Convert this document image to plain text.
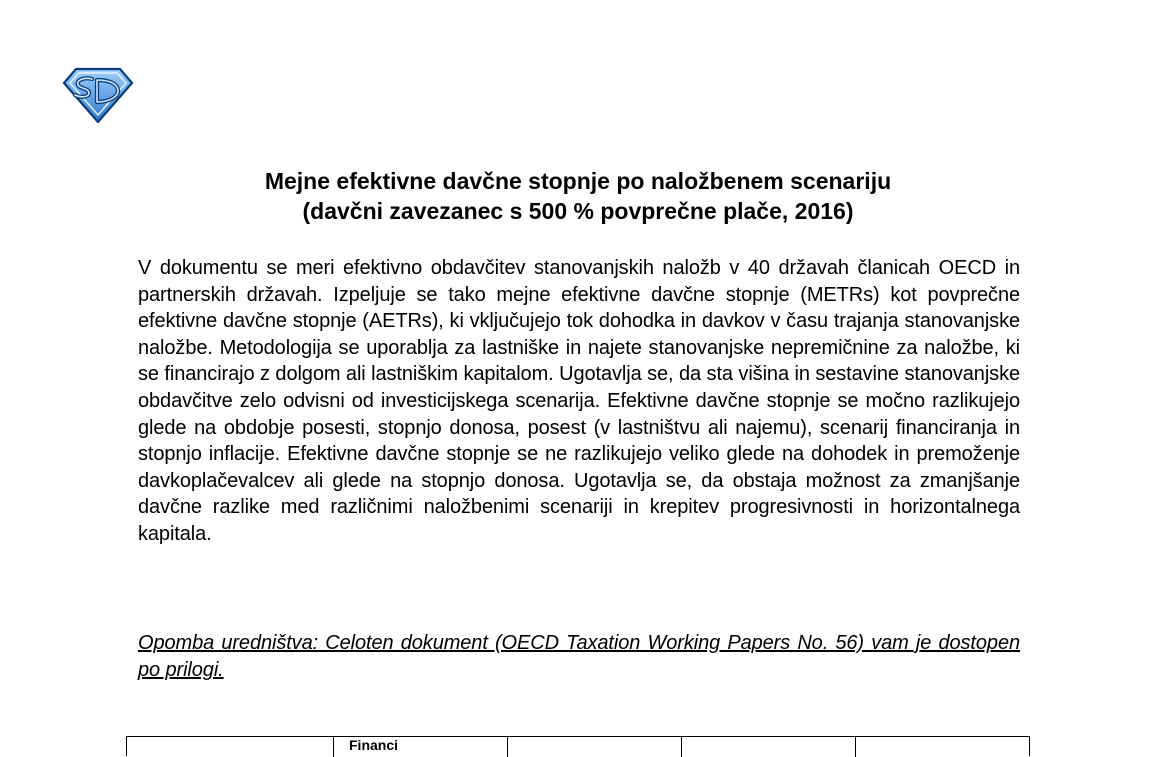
Mejne efektivne davčne stopnje po naložbenem scenariju
(davčni zavezanec s 500 % povprečne plače, 2016)

V dokumentu se meri efektivno obdavčitev stanovanjskih naložb v 40 državah članicah OECD in partnerskih državah. Izpeljuje se tako mejne efektivne davčne stopnje (METRs) kot povprečne efektivne davčne stopnje (AETRs), ki vključujejo tok dohodka in davkov v času trajanja stanovanjske naložbe. Metodologija se uporablja za lastniške in najete stanovanjske nepremičnine za naložbe, ki se financirajo z dolgom ali lastniškim kapitalom. Ugotavlja se, da sta višina in sestavine stanovanjske obdavčitve zelo odvisni od investicijskega scenarija. Efektivne davčne stopnje se močno razlikujejo glede na obdobje posesti, stopnjo donosa, posest (v lastništvu ali najemu), scenarij financiranja in stopnjo inflacije. Efektivne davčne stopnje se ne razlikujejo veliko glede na dohodek in premoženje davkoplačevalcev ali glede na stopnjo donosa. Ugotavlja se, da obstaja možnost za zmanjšanje davčne razlike med različnimi naložbenimi scenariji in krepitev progresivnosti in horizontalnega kapitala.

Opomba uredništva: Celoten dokument (OECD Taxation Working Papers No. 56) vam je dostopen po prilogi.

Financi
